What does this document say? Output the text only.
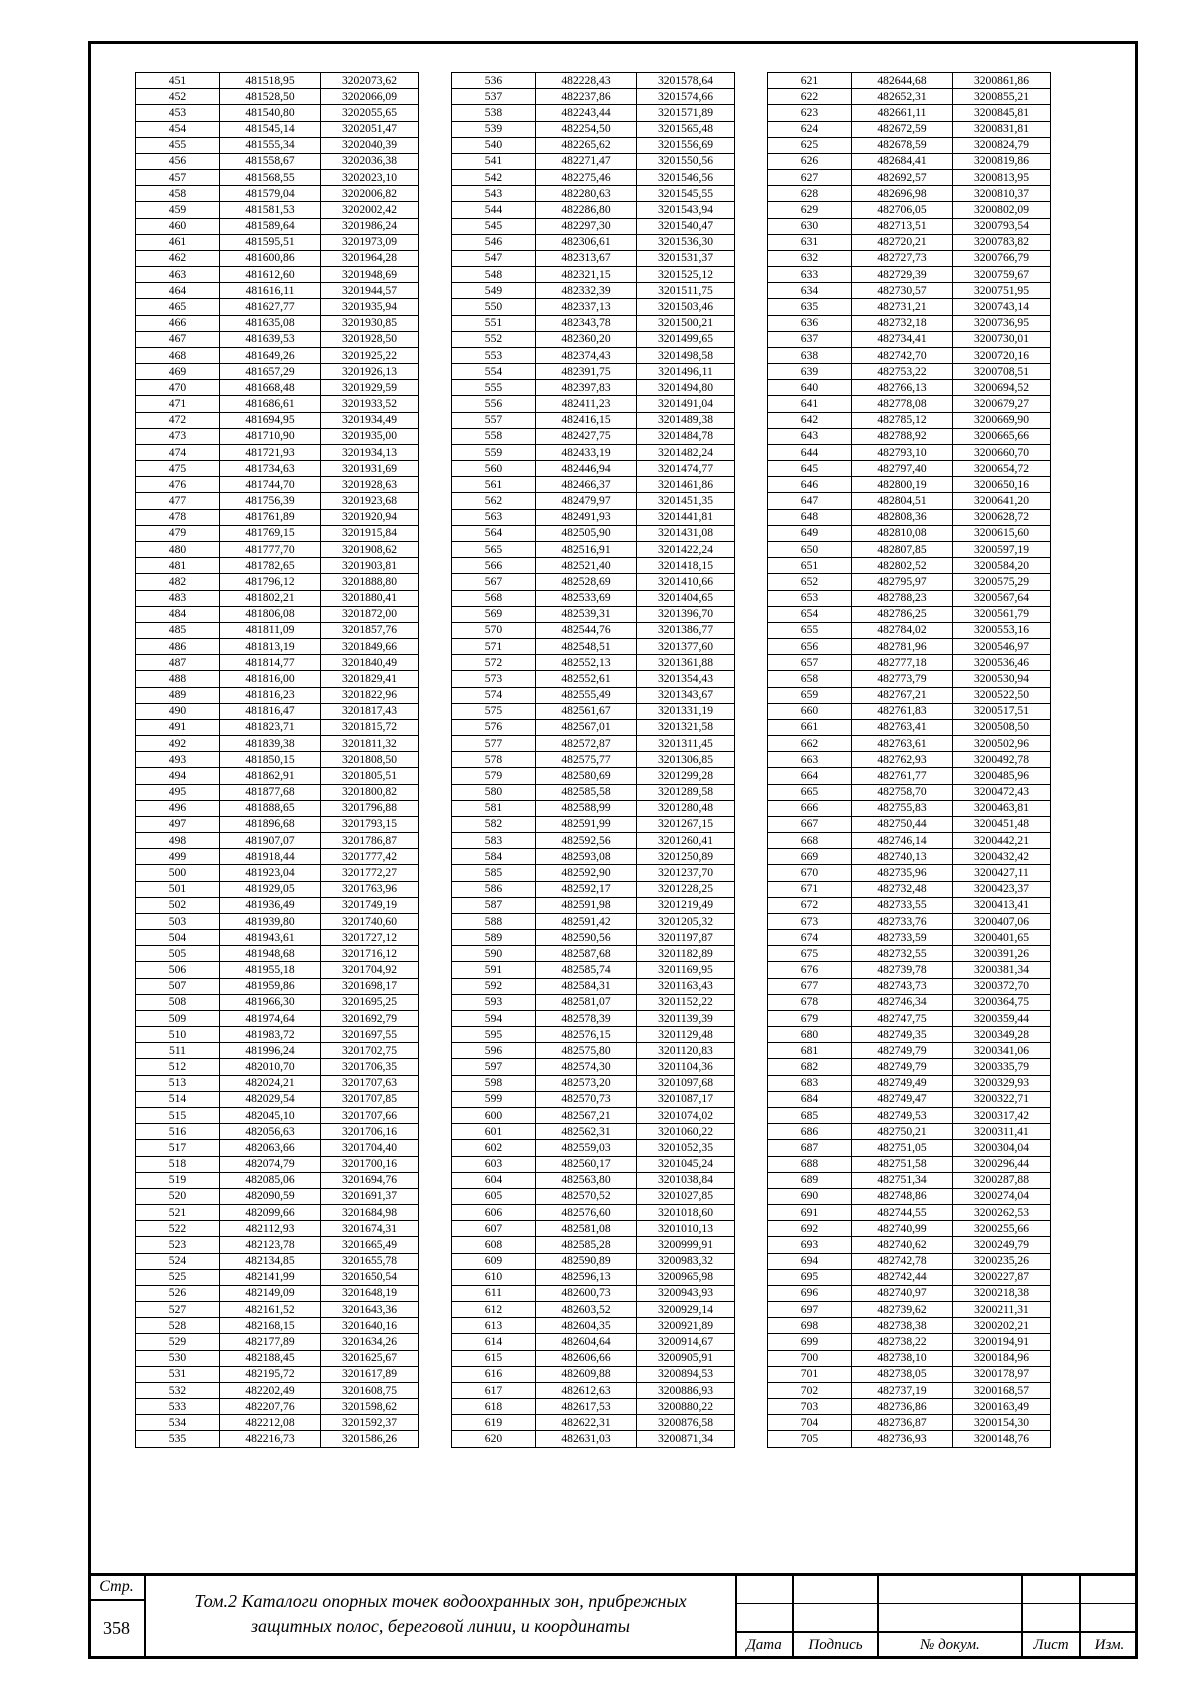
451	481518,95	3202073,62
452	481528,50	3202066,09
453	481540,80	3202055,65
454	481545,14	3202051,47
455	481555,34	3202040,39
456	481558,67	3202036,38
457	481568,55	3202023,10
458	481579,04	3202006,82
459	481581,53	3202002,42
460	481589,64	3201986,24
461	481595,51	3201973,09
462	481600,86	3201964,28
463	481612,60	3201948,69
464	481616,11	3201944,57
465	481627,77	3201935,94
466	481635,08	3201930,85
467	481639,53	3201928,50
468	481649,26	3201925,22
469	481657,29	3201926,13
470	481668,48	3201929,59
471	481686,61	3201933,52
472	481694,95	3201934,49
473	481710,90	3201935,00
474	481721,93	3201934,13
475	481734,63	3201931,69
476	481744,70	3201928,63
477	481756,39	3201923,68
478	481761,89	3201920,94
479	481769,15	3201915,84
480	481777,70	3201908,62
481	481782,65	3201903,81
482	481796,12	3201888,80
483	481802,21	3201880,41
484	481806,08	3201872,00
485	481811,09	3201857,76
486	481813,19	3201849,66
487	481814,77	3201840,49
488	481816,00	3201829,41
489	481816,23	3201822,96
490	481816,47	3201817,43
491	481823,71	3201815,72
492	481839,38	3201811,32
493	481850,15	3201808,50
494	481862,91	3201805,51
495	481877,68	3201800,82
496	481888,65	3201796,88
497	481896,68	3201793,15
498	481907,07	3201786,87
499	481918,44	3201777,42
500	481923,04	3201772,27
501	481929,05	3201763,96
502	481936,49	3201749,19
503	481939,80	3201740,60
504	481943,61	3201727,12
505	481948,68	3201716,12
506	481955,18	3201704,92
507	481959,86	3201698,17
508	481966,30	3201695,25
509	481974,64	3201692,79
510	481983,72	3201697,55
511	481996,24	3201702,75
512	482010,70	3201706,35
513	482024,21	3201707,63
514	482029,54	3201707,85
515	482045,10	3201707,66
516	482056,63	3201706,16
517	482063,66	3201704,40
518	482074,79	3201700,16
519	482085,06	3201694,76
520	482090,59	3201691,37
521	482099,66	3201684,98
522	482112,93	3201674,31
523	482123,78	3201665,49
524	482134,85	3201655,78
525	482141,99	3201650,54
526	482149,09	3201648,19
527	482161,52	3201643,36
528	482168,15	3201640,16
529	482177,89	3201634,26
530	482188,45	3201625,67
531	482195,72	3201617,89
532	482202,49	3201608,75
533	482207,76	3201598,62
534	482212,08	3201592,37
535	482216,73	3201586,26
536	482228,43	3201578,64
537	482237,86	3201574,66
538	482243,44	3201571,89
539	482254,50	3201565,48
540	482265,62	3201556,69
541	482271,47	3201550,56
542	482275,46	3201546,56
543	482280,63	3201545,55
544	482286,80	3201543,94
545	482297,30	3201540,47
546	482306,61	3201536,30
547	482313,67	3201531,37
548	482321,15	3201525,12
549	482332,39	3201511,75
550	482337,13	3201503,46
551	482343,78	3201500,21
552	482360,20	3201499,65
553	482374,43	3201498,58
554	482391,75	3201496,11
555	482397,83	3201494,80
556	482411,23	3201491,04
557	482416,15	3201489,38
558	482427,75	3201484,78
559	482433,19	3201482,24
560	482446,94	3201474,77
561	482466,37	3201461,86
562	482479,97	3201451,35
563	482491,93	3201441,81
564	482505,90	3201431,08
565	482516,91	3201422,24
566	482521,40	3201418,15
567	482528,69	3201410,66
568	482533,69	3201404,65
569	482539,31	3201396,70
570	482544,76	3201386,77
571	482548,51	3201377,60
572	482552,13	3201361,88
573	482552,61	3201354,43
574	482555,49	3201343,67
575	482561,67	3201331,19
576	482567,01	3201321,58
577	482572,87	3201311,45
578	482575,77	3201306,85
579	482580,69	3201299,28
580	482585,58	3201289,58
581	482588,99	3201280,48
582	482591,99	3201267,15
583	482592,56	3201260,41
584	482593,08	3201250,89
585	482592,90	3201237,70
586	482592,17	3201228,25
587	482591,98	3201219,49
588	482591,42	3201205,32
589	482590,56	3201197,87
590	482587,68	3201182,89
591	482585,74	3201169,95
592	482584,31	3201163,43
593	482581,07	3201152,22
594	482578,39	3201139,39
595	482576,15	3201129,48
596	482575,80	3201120,83
597	482574,30	3201104,36
598	482573,20	3201097,68
599	482570,73	3201087,17
600	482567,21	3201074,02
601	482562,31	3201060,22
602	482559,03	3201052,35
603	482560,17	3201045,24
604	482563,80	3201038,84
605	482570,52	3201027,85
606	482576,60	3201018,60
607	482581,08	3201010,13
608	482585,28	3200999,91
609	482590,89	3200983,32
610	482596,13	3200965,98
611	482600,73	3200943,93
612	482603,52	3200929,14
613	482604,35	3200921,89
614	482604,64	3200914,67
615	482606,66	3200905,91
616	482609,88	3200894,53
617	482612,63	3200886,93
618	482617,53	3200880,22
619	482622,31	3200876,58
620	482631,03	3200871,34
621	482644,68	3200861,86
622	482652,31	3200855,21
623	482661,11	3200845,81
624	482672,59	3200831,81
625	482678,59	3200824,79
626	482684,41	3200819,86
627	482692,57	3200813,95
628	482696,98	3200810,37
629	482706,05	3200802,09
630	482713,51	3200793,54
631	482720,21	3200783,82
632	482727,73	3200766,79
633	482729,39	3200759,67
634	482730,57	3200751,95
635	482731,21	3200743,14
636	482732,18	3200736,95
637	482734,41	3200730,01
638	482742,70	3200720,16
639	482753,22	3200708,51
640	482766,13	3200694,52
641	482778,08	3200679,27
642	482785,12	3200669,90
643	482788,92	3200665,66
644	482793,10	3200660,70
645	482797,40	3200654,72
646	482800,19	3200650,16
647	482804,51	3200641,20
648	482808,36	3200628,72
649	482810,08	3200615,60
650	482807,85	3200597,19
651	482802,52	3200584,20
652	482795,97	3200575,29
653	482788,23	3200567,64
654	482786,25	3200561,79
655	482784,02	3200553,16
656	482781,96	3200546,97
657	482777,18	3200536,46
658	482773,79	3200530,94
659	482767,21	3200522,50
660	482761,83	3200517,51
661	482763,41	3200508,50
662	482763,61	3200502,96
663	482762,93	3200492,78
664	482761,77	3200485,96
665	482758,70	3200472,43
666	482755,83	3200463,81
667	482750,44	3200451,48
668	482746,14	3200442,21
669	482740,13	3200432,42
670	482735,96	3200427,11
671	482732,48	3200423,37
672	482733,55	3200413,41
673	482733,76	3200407,06
674	482733,59	3200401,65
675	482732,55	3200391,26
676	482739,78	3200381,34
677	482743,73	3200372,70
678	482746,34	3200364,75
679	482747,75	3200359,44
680	482749,35	3200349,28
681	482749,79	3200341,06
682	482749,79	3200335,79
683	482749,49	3200329,93
684	482749,47	3200322,71
685	482749,53	3200317,42
686	482750,21	3200311,41
687	482751,05	3200304,04
688	482751,58	3200296,44
689	482751,34	3200287,88
690	482748,86	3200274,04
691	482744,55	3200262,53
692	482740,99	3200255,66
693	482740,62	3200249,79
694	482742,78	3200235,26
695	482742,44	3200227,87
696	482740,97	3200218,38
697	482739,62	3200211,31
698	482738,38	3200202,21
699	482738,22	3200194,91
700	482738,10	3200184,96
701	482738,05	3200178,97
702	482737,19	3200168,57
703	482736,86	3200163,49
704	482736,87	3200154,30
705	482736,93	3200148,76
Стр.
358
Том.2 Каталоги опорных точек водоохранных зон, прибрежных
защитных полос, береговой линии, и координаты
Дата	Подпись	№ докум.	Лист	Изм.
